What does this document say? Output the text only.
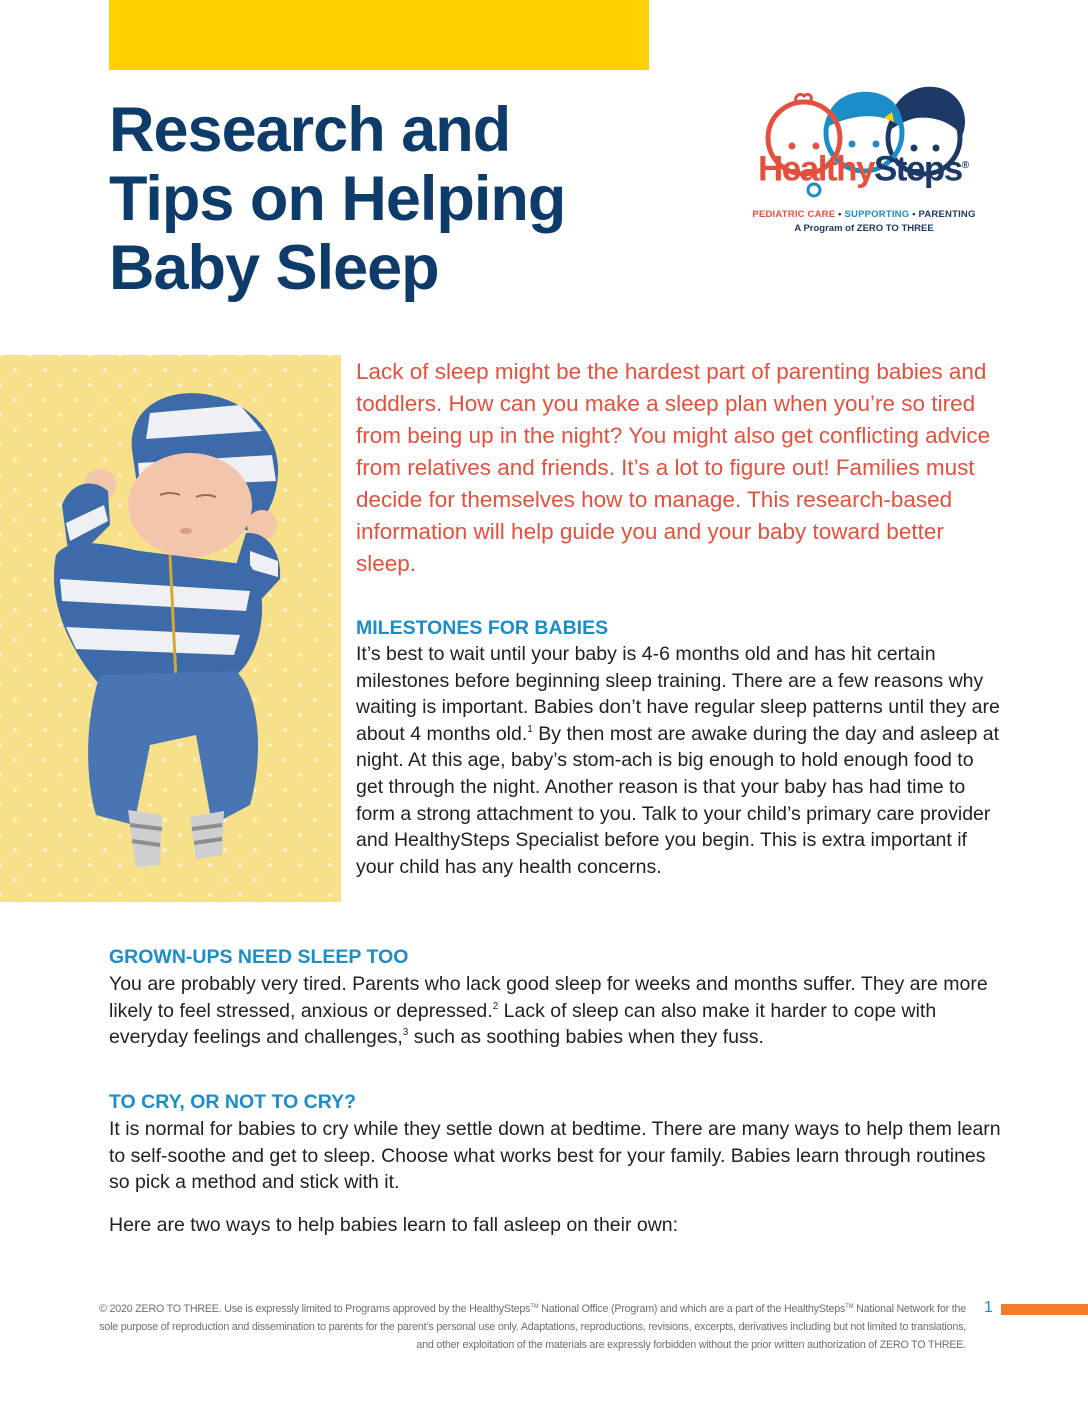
Research and
Tips on Helping
Baby Sleep
HealthySteps®
PEDIATRIC CARE • SUPPORTING • PARENTING
A Program of ZERO TO THREE

Lack of sleep might be the hardest part of parenting babies and toddlers. How can you make a sleep plan when you’re so tired from being up in the night? You might also get conflicting advice from relatives and friends. It’s a lot to figure out! Families must decide for themselves how to manage. This research-based information will help guide you and your baby toward better sleep.

MILESTONES FOR BABIES

It’s best to wait until your baby is 4-6 months old and has hit certain milestones before beginning sleep training. There are a few reasons why waiting is important. Babies don’t have regular sleep patterns until they are about 4 months old.$^1$ By then most are awake during the day and asleep at night. At this age, baby’s stom-ach is big enough to hold enough food to get through the night. Another reason is that your baby has had time to form a strong attachment to you. Talk to your child’s primary care provider and HealthySteps Specialist before you begin. This is extra important if your child has any health concerns.

GROWN-UPS NEED SLEEP TOO

You are probably very tired. Parents who lack good sleep for weeks and months suffer. They are more likely to feel stressed, anxious or depressed.$^2$ Lack of sleep can also make it harder to cope with everyday feelings and challenges,$^3$ such as soothing babies when they fuss.

TO CRY, OR NOT TO CRY?

It is normal for babies to cry while they settle down at bedtime. There are many ways to help them learn to self-soothe and get to sleep. Choose what works best for your family. Babies learn through routines so pick a method and stick with it.

Here are two ways to help babies learn to fall asleep on their own:

© 2020 ZERO TO THREE. Use is expressly limited to Programs approved by the HealthySteps™ National Office (Program) and which are a part of the HealthySteps™ National Network for the sole purpose of reproduction and dissemination to parents for the parent’s personal use only. Adaptations, reproductions, revisions, excerpts, derivatives including but not limited to translations, and other exploitation of the materials are expressly forbidden without the prior written authorization of ZERO TO THREE.

1
